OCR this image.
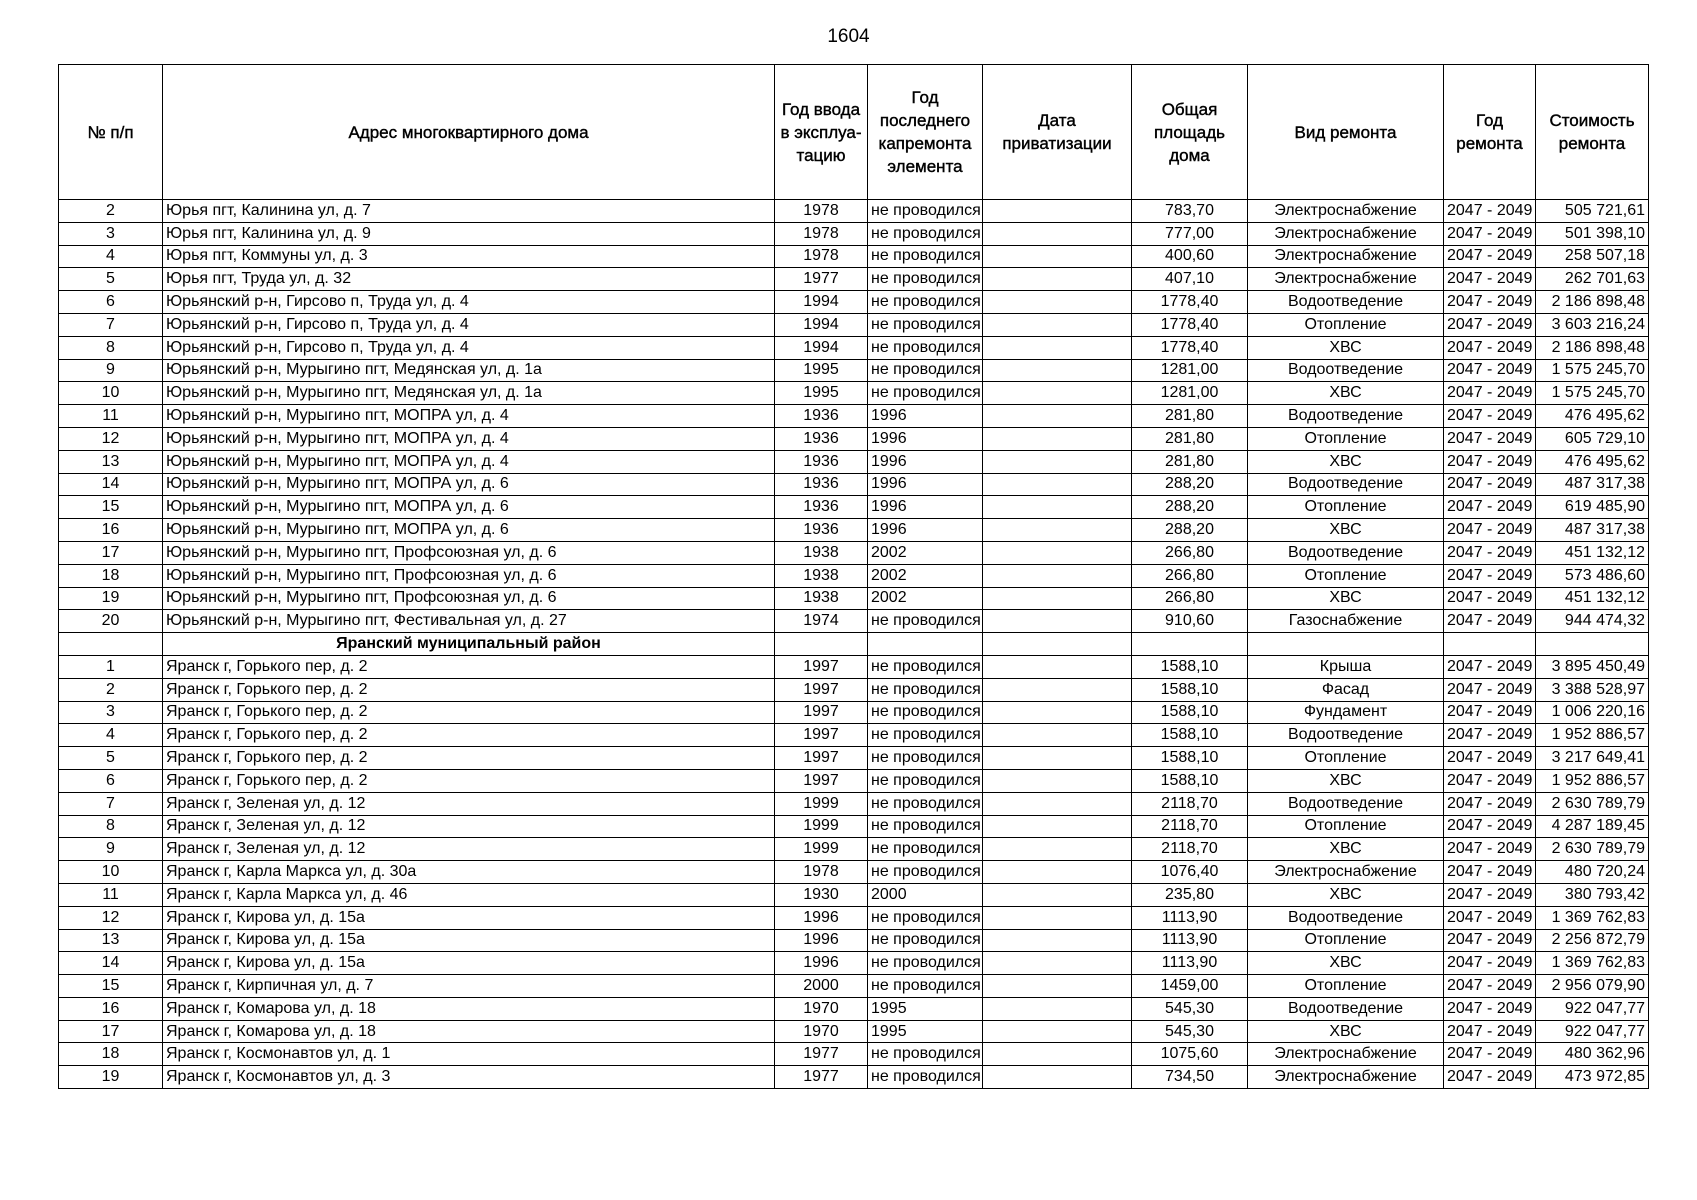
1604
№ п/п	Адрес многоквартирного дома	Год ввода в эксплуа-тацию	Год последнего капремонта элемента	Дата приватизации	Общая площадь дома	Вид ремонта	Год ремонта	Стоимость ремонта
2	Юрья пгт, Калинина ул, д. 7	1978	не проводился		783,70	Электроснабжение	2047 - 2049	505 721,61
3	Юрья пгт, Калинина ул, д. 9	1978	не проводился		777,00	Электроснабжение	2047 - 2049	501 398,10
4	Юрья пгт, Коммуны ул, д. 3	1978	не проводился		400,60	Электроснабжение	2047 - 2049	258 507,18
5	Юрья пгт, Труда ул, д. 32	1977	не проводился		407,10	Электроснабжение	2047 - 2049	262 701,63
6	Юрьянский р-н, Гирсово п, Труда ул, д. 4	1994	не проводился		1778,40	Водоотведение	2047 - 2049	2 186 898,48
7	Юрьянский р-н, Гирсово п, Труда ул, д. 4	1994	не проводился		1778,40	Отопление	2047 - 2049	3 603 216,24
8	Юрьянский р-н, Гирсово п, Труда ул, д. 4	1994	не проводился		1778,40	ХВС	2047 - 2049	2 186 898,48
9	Юрьянский р-н, Мурыгино пгт, Медянская ул, д. 1а	1995	не проводился		1281,00	Водоотведение	2047 - 2049	1 575 245,70
10	Юрьянский р-н, Мурыгино пгт, Медянская ул, д. 1а	1995	не проводился		1281,00	ХВС	2047 - 2049	1 575 245,70
11	Юрьянский р-н, Мурыгино пгт, МОПРА ул, д. 4	1936	1996		281,80	Водоотведение	2047 - 2049	476 495,62
12	Юрьянский р-н, Мурыгино пгт, МОПРА ул, д. 4	1936	1996		281,80	Отопление	2047 - 2049	605 729,10
13	Юрьянский р-н, Мурыгино пгт, МОПРА ул, д. 4	1936	1996		281,80	ХВС	2047 - 2049	476 495,62
14	Юрьянский р-н, Мурыгино пгт, МОПРА ул, д. 6	1936	1996		288,20	Водоотведение	2047 - 2049	487 317,38
15	Юрьянский р-н, Мурыгино пгт, МОПРА ул, д. 6	1936	1996		288,20	Отопление	2047 - 2049	619 485,90
16	Юрьянский р-н, Мурыгино пгт, МОПРА ул, д. 6	1936	1996		288,20	ХВС	2047 - 2049	487 317,38
17	Юрьянский р-н, Мурыгино пгт, Профсоюзная ул, д. 6	1938	2002		266,80	Водоотведение	2047 - 2049	451 132,12
18	Юрьянский р-н, Мурыгино пгт, Профсоюзная ул, д. 6	1938	2002		266,80	Отопление	2047 - 2049	573 486,60
19	Юрьянский р-н, Мурыгино пгт, Профсоюзная ул, д. 6	1938	2002		266,80	ХВС	2047 - 2049	451 132,12
20	Юрьянский р-н, Мурыгино пгт, Фестивальная ул, д. 27	1974	не проводился		910,60	Газоснабжение	2047 - 2049	944 474,32
	Яранский муниципальный район							
1	Яранск г, Горького пер, д. 2	1997	не проводился		1588,10	Крыша	2047 - 2049	3 895 450,49
2	Яранск г, Горького пер, д. 2	1997	не проводился		1588,10	Фасад	2047 - 2049	3 388 528,97
3	Яранск г, Горького пер, д. 2	1997	не проводился		1588,10	Фундамент	2047 - 2049	1 006 220,16
4	Яранск г, Горького пер, д. 2	1997	не проводился		1588,10	Водоотведение	2047 - 2049	1 952 886,57
5	Яранск г, Горького пер, д. 2	1997	не проводился		1588,10	Отопление	2047 - 2049	3 217 649,41
6	Яранск г, Горького пер, д. 2	1997	не проводился		1588,10	ХВС	2047 - 2049	1 952 886,57
7	Яранск г, Зеленая ул, д. 12	1999	не проводился		2118,70	Водоотведение	2047 - 2049	2 630 789,79
8	Яранск г, Зеленая ул, д. 12	1999	не проводился		2118,70	Отопление	2047 - 2049	4 287 189,45
9	Яранск г, Зеленая ул, д. 12	1999	не проводился		2118,70	ХВС	2047 - 2049	2 630 789,79
10	Яранск г, Карла Маркса ул, д. 30а	1978	не проводился		1076,40	Электроснабжение	2047 - 2049	480 720,24
11	Яранск г, Карла Маркса ул, д. 46	1930	2000		235,80	ХВС	2047 - 2049	380 793,42
12	Яранск г, Кирова ул, д. 15а	1996	не проводился		1113,90	Водоотведение	2047 - 2049	1 369 762,83
13	Яранск г, Кирова ул, д. 15а	1996	не проводился		1113,90	Отопление	2047 - 2049	2 256 872,79
14	Яранск г, Кирова ул, д. 15а	1996	не проводился		1113,90	ХВС	2047 - 2049	1 369 762,83
15	Яранск г, Кирпичная ул, д. 7	2000	не проводился		1459,00	Отопление	2047 - 2049	2 956 079,90
16	Яранск г, Комарова ул, д. 18	1970	1995		545,30	Водоотведение	2047 - 2049	922 047,77
17	Яранск г, Комарова ул, д. 18	1970	1995		545,30	ХВС	2047 - 2049	922 047,77
18	Яранск г, Космонавтов ул, д. 1	1977	не проводился		1075,60	Электроснабжение	2047 - 2049	480 362,96
19	Яранск г, Космонавтов ул, д. 3	1977	не проводился		734,50	Электроснабжение	2047 - 2049	473 972,85
